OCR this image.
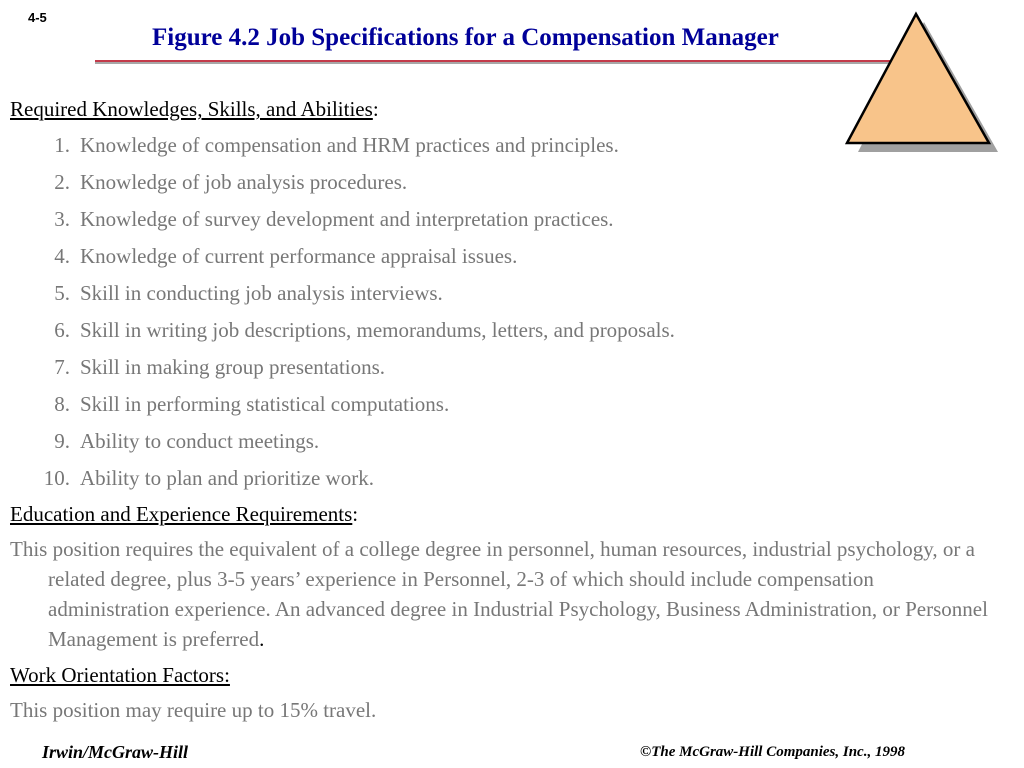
4-5
Figure 4.2 Job Specifications for a Compensation Manager

Required Knowledges, Skills, and Abilities:

1. Knowledge of compensation and HRM practices and principles.
2. Knowledge of job analysis procedures.
3. Knowledge of survey development and interpretation practices.
4. Knowledge of current performance appraisal issues.
5. Skill in conducting job analysis interviews.
6. Skill in writing job descriptions, memorandums, letters, and proposals.
7. Skill in making group presentations.
8. Skill in performing statistical computations.
9. Ability to conduct meetings.
10. Ability to plan and prioritize work.

Education and Experience Requirements:

This position requires the equivalent of a college degree in personnel, human resources, industrial psychology, or a related degree, plus 3-5 years’ experience in Personnel, 2-3 of which should include compensation administration experience. An advanced degree in Industrial Psychology, Business Administration, or Personnel Management is preferred.

Work Orientation Factors:

This position may require up to 15% travel.

Irwin/McGraw-Hill	©The McGraw-Hill Companies, Inc., 1998
